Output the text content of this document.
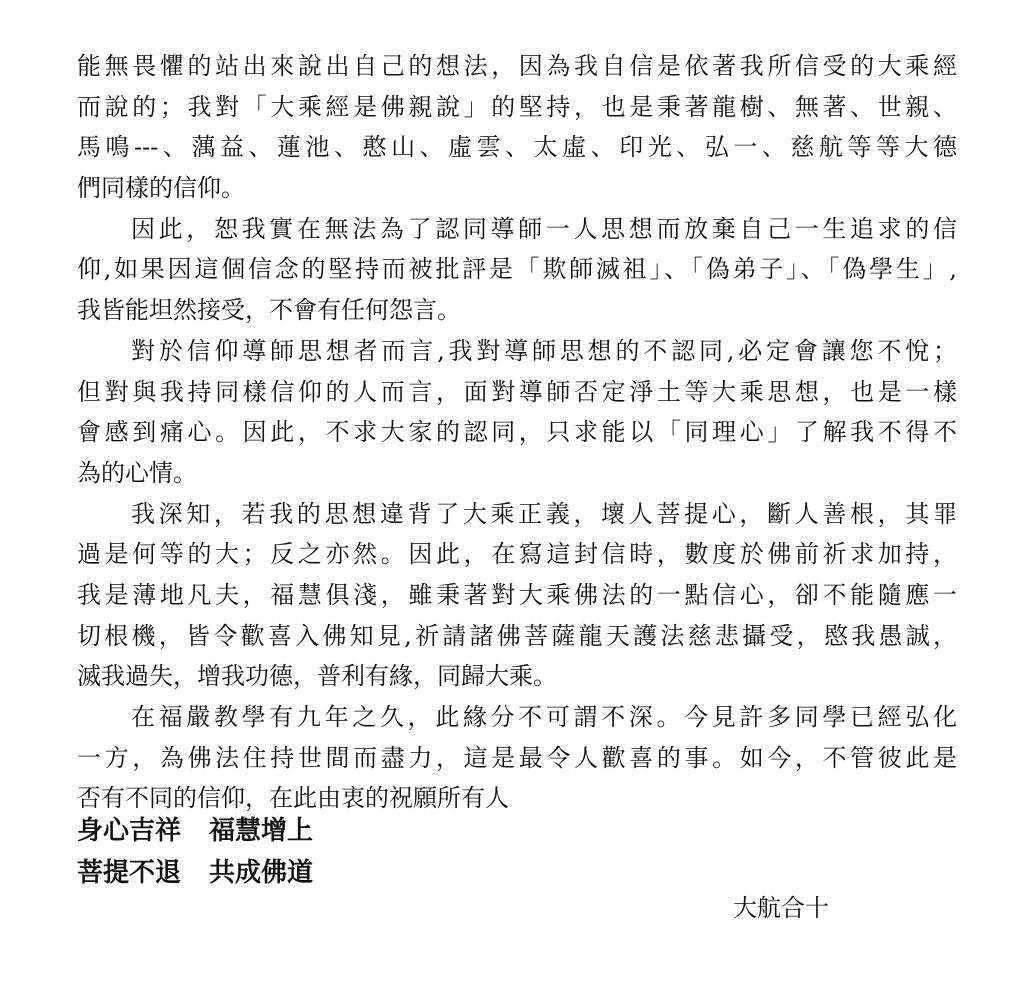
能無畏懼的站出來說出自己的想法，因為我自信是依著我所信受的大乘經
而說的；我對「大乘經是佛親說」的堅持，也是秉著龍樹、無著、世親、
馬鳴---、蕅益、蓮池、憨山、虛雲、太虛、印光、弘一、慈航等等大德
們同樣的信仰。
因此，恕我實在無法為了認同導師一人思想而放棄自己一生追求的信
仰,如果因這個信念的堅持而被批評是「欺師滅祖」、「偽弟子」、「偽學生」,
我皆能坦然接受，不會有任何怨言。
對於信仰導師思想者而言,我對導師思想的不認同,必定會讓您不悅；
但對與我持同樣信仰的人而言，面對導師否定淨土等大乘思想，也是一樣
會感到痛心。因此，不求大家的認同，只求能以「同理心」了解我不得不
為的心情。
我深知，若我的思想違背了大乘正義，壞人菩提心，斷人善根，其罪
過是何等的大；反之亦然。因此，在寫這封信時，數度於佛前祈求加持，
我是薄地凡夫，福慧俱淺，雖秉著對大乘佛法的一點信心，卻不能隨應一
切根機，皆令歡喜入佛知見,祈請諸佛菩薩龍天護法慈悲攝受，愍我愚誠，
滅我過失，增我功德，普利有緣，同歸大乘。
在福嚴教學有九年之久，此緣分不可謂不深。今見許多同學已經弘化
一方，為佛法住持世間而盡力，這是最令人歡喜的事。如今，不管彼此是
否有不同的信仰，在此由衷的祝願所有人
身心吉祥 福慧增上
菩提不退 共成佛道
大航合十
